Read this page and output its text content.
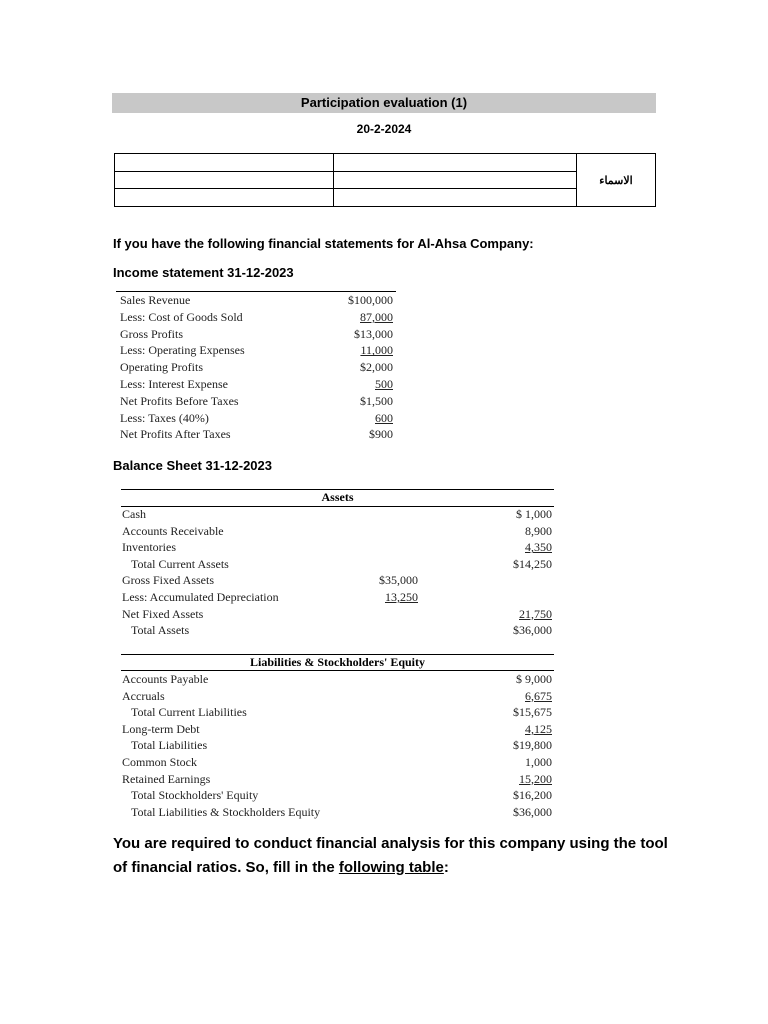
Participation evaluation (1)
20-2-2024
		الاسماء

If you have the following financial statements for Al-Ahsa Company:
Income statement 31-12-2023
Sales Revenue	$100,000
Less: Cost of Goods Sold	87,000
Gross Profits	$13,000
Less: Operating Expenses	11,000
Operating Profits	$2,000
Less: Interest Expense	500
Net Profits Before Taxes	$1,500
Less: Taxes (40%)	600
Net Profits After Taxes	$900
Balance Sheet 31-12-2023
Assets
Cash	$ 1,000
Accounts Receivable	8,900
Inventories	4,350
Total Current Assets	$14,250
Gross Fixed Assets	$35,000
Less: Accumulated Depreciation	13,250
Net Fixed Assets	21,750
Total Assets	$36,000
Liabilities & Stockholders' Equity
Accounts Payable	$ 9,000
Accruals	6,675
Total Current Liabilities	$15,675
Long-term Debt	4,125
Total Liabilities	$19,800
Common Stock	1,000
Retained Earnings	15,200
Total Stockholders' Equity	$16,200
Total Liabilities & Stockholders Equity	$36,000
You are required to conduct financial analysis for this company using the tool of financial ratios. So, fill in the following table:
